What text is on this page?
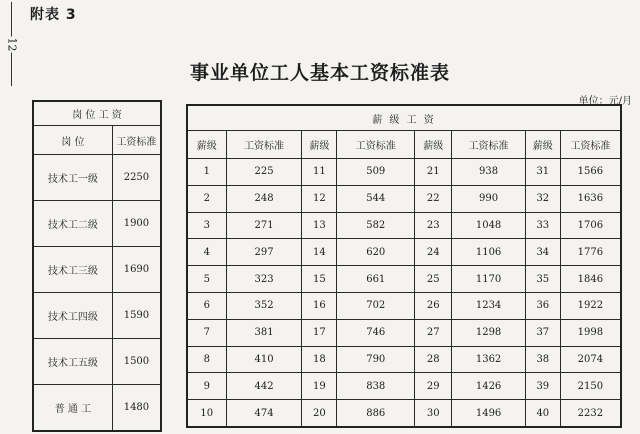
附表 3
12
事业单位工人基本工资标准表
单位：元/月
岗 位 工 资	
岗 位	工资标准
技术工一级	2250
技术工二级	1900
技术工三级	1690
技术工四级	1590
技术工五级	1500
普 通 工	1480
薪 级 工 资							
薪级	工资标准	薪级	工资标准	薪级	工资标准	薪级	工资标准
1	225	11	509	21	938	31	1566
2	248	12	544	22	990	32	1636
3	271	13	582	23	1048	33	1706
4	297	14	620	24	1106	34	1776
5	323	15	661	25	1170	35	1846
6	352	16	702	26	1234	36	1922
7	381	17	746	27	1298	37	1998
8	410	18	790	28	1362	38	2074
9	442	19	838	29	1426	39	2150
10	474	20	886	30	1496	40	2232
